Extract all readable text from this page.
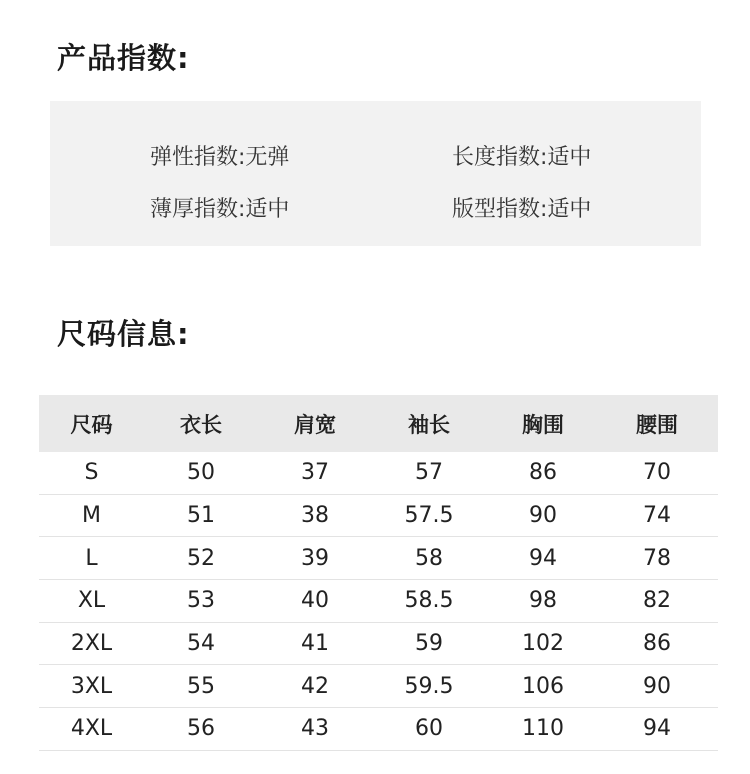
产品指数:
弹性指数:无弹	长度指数:适中
薄厚指数:适中	版型指数:适中
尺码信息:
尺码	衣长	肩宽	袖长	胸围	腰围
S	50	37	57	86	70
M	51	38	57.5	90	74
L	52	39	58	94	78
XL	53	40	58.5	98	82
2XL	54	41	59	102	86
3XL	55	42	59.5	106	90
4XL	56	43	60	110	94
